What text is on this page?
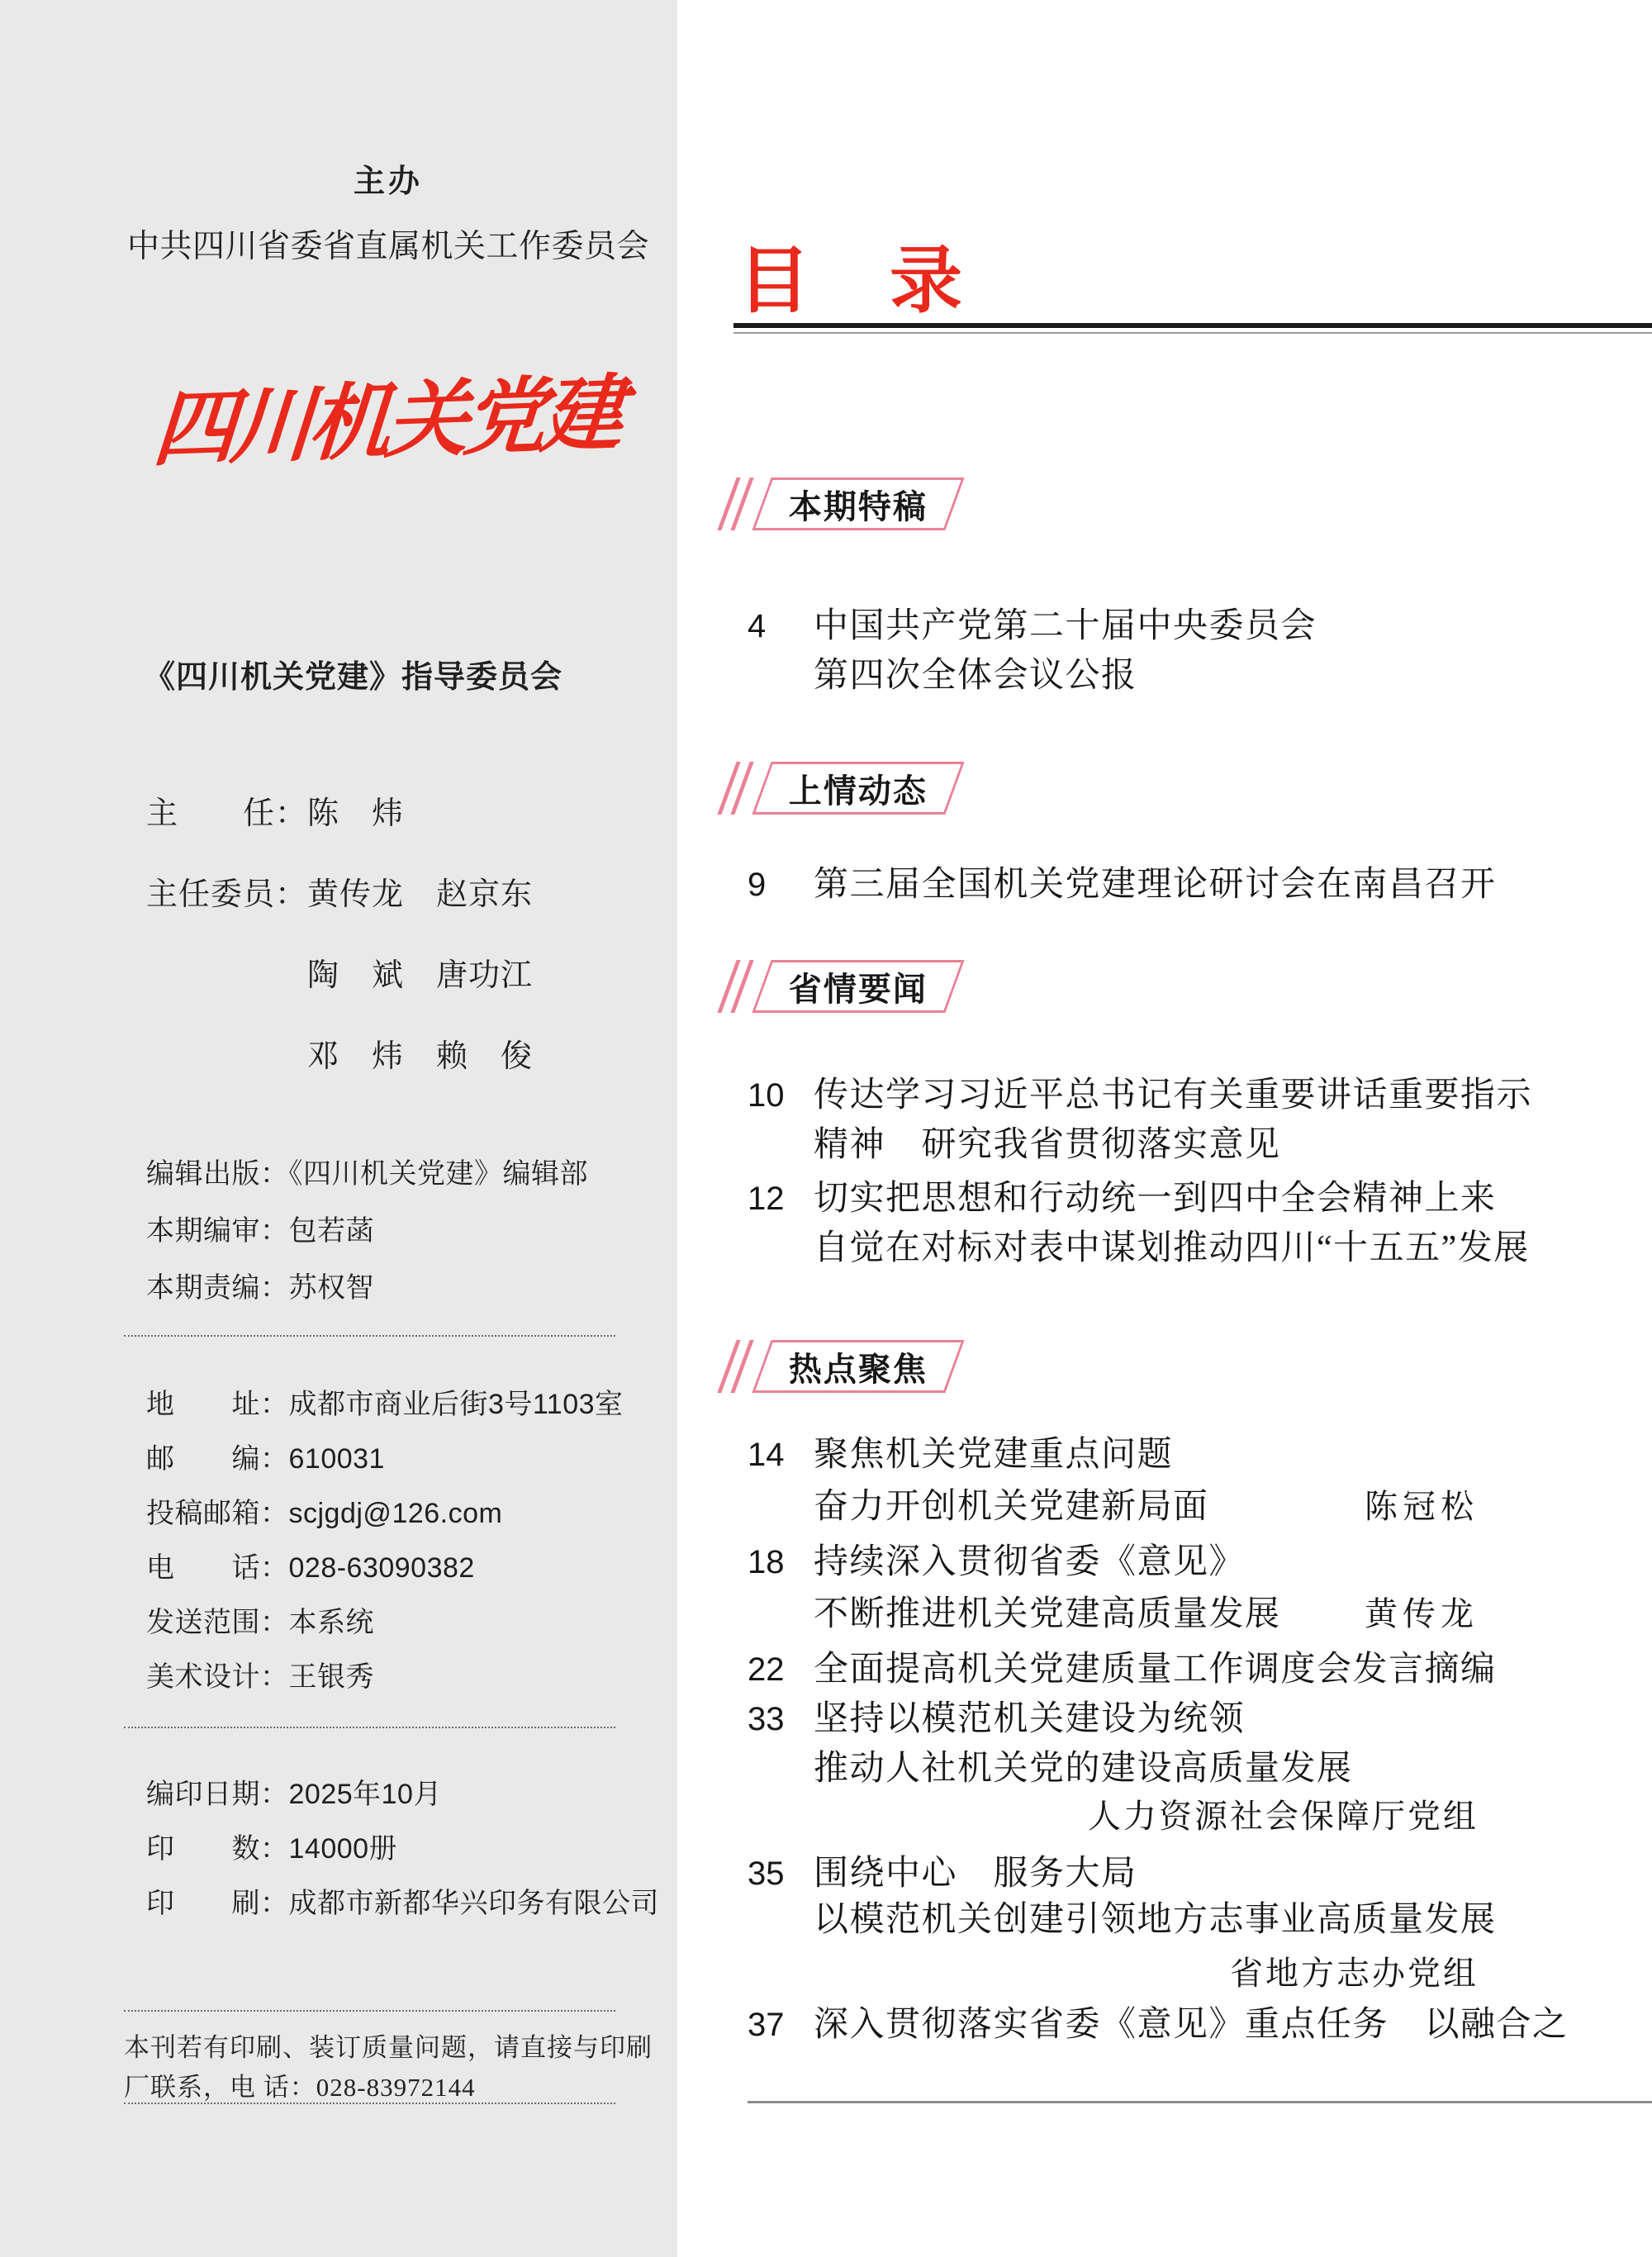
主办
中共四川省委省直属机关工作委员会
四川机关党建
《四川机关党建》指导委员会
主　　任：陈　炜
主任委员：黄传龙　赵京东
　　　　　陶　斌　唐功江
　　　　　邓　炜　赖　俊
编辑出版：《四川机关党建》编辑部
本期编审：包若菡
本期责编：苏权智
地　　址：成都市商业后街3号1103室
邮　　编：610031
投稿邮箱：scjgdj@126.com
电　　话：028-63090382
发送范围：本系统
美术设计：王银秀
编印日期：2025年10月
印　　数：14000册
印　　刷：成都市新都华兴印务有限公司
本刊若有印刷、装订质量问题，请直接与印刷
厂联系，电 话：028-83972144
目　录
本期特稿
4 中国共产党第二十届中央委员会
第四次全体会议公报
上情动态
9 第三届全国机关党建理论研讨会在南昌召开
省情要闻
10 传达学习习近平总书记有关重要讲话重要指示
精神　研究我省贯彻落实意见
12 切实把思想和行动统一到四中全会精神上来
自觉在对标对表中谋划推动四川“十五五”发展
热点聚焦
14 聚焦机关党建重点问题
奋力开创机关党建新局面	陈冠松
18 持续深入贯彻省委《意见》
不断推进机关党建高质量发展	黄传龙
22 全面提高机关党建质量工作调度会发言摘编
33 坚持以模范机关建设为统领
推动人社机关党的建设高质量发展
人力资源社会保障厅党组
35 围绕中心　服务大局
以模范机关创建引领地方志事业高质量发展
省地方志办党组
37 深入贯彻落实省委《意见》重点任务　以融合之
